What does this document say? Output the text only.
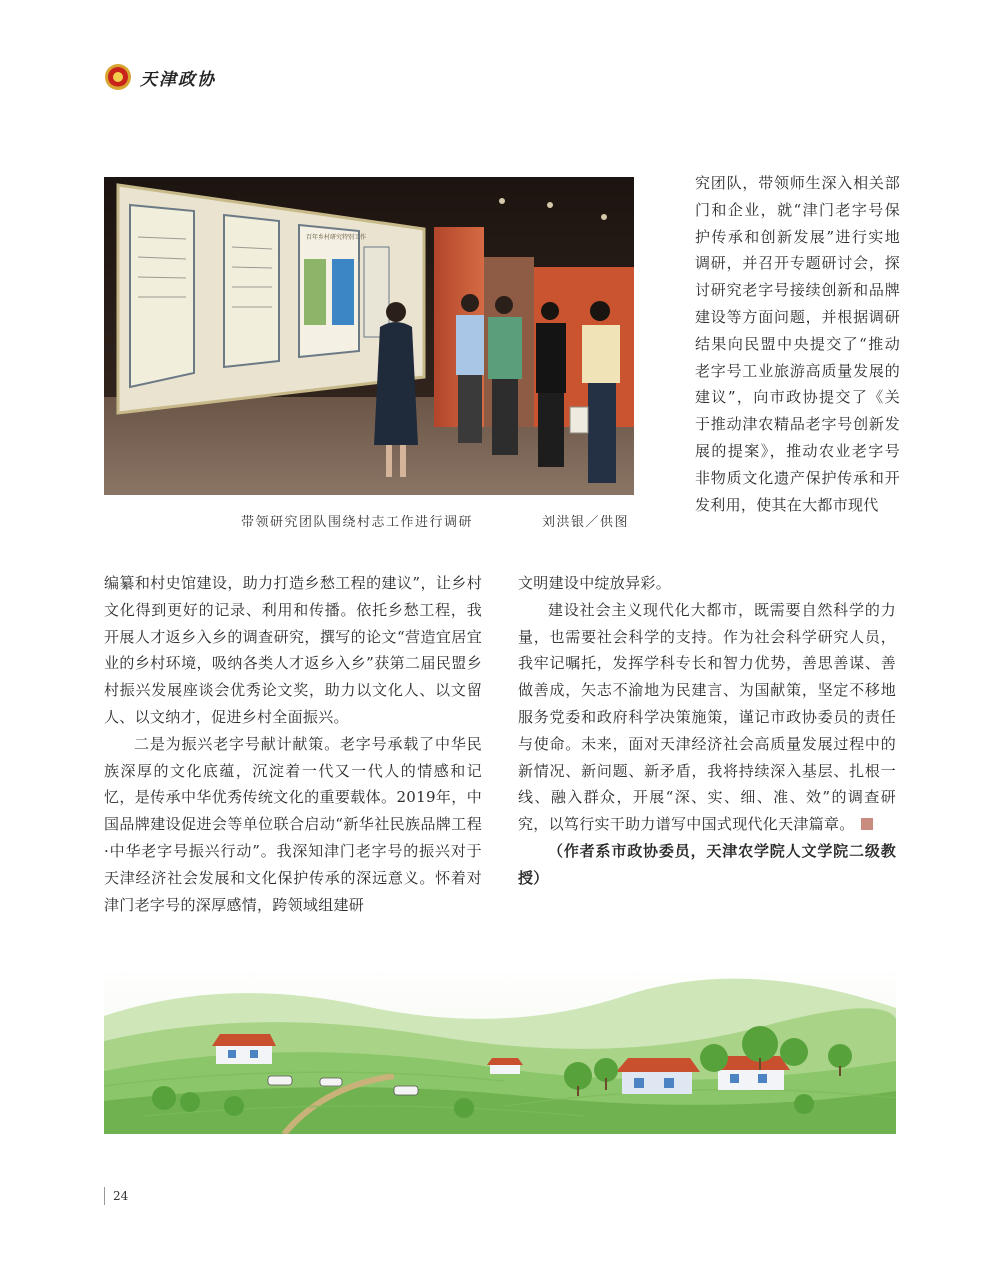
天津政协
百年乡村研究特别工作
带领研究团队围绕村志工作进行调研	刘洪银／供图
究团队，带领师生深入相关部门和企业，就“津门老字号保护传承和创新发展”进行实地调研，并召开专题研讨会，探讨研究老字号接续创新和品牌建设等方面问题，并根据调研结果向民盟中央提交了“推动老字号工业旅游高质量发展的建议”，向市政协提交了《关于推动津农精品老字号创新发展的提案》，推动农业老字号非物质文化遗产保护传承和开发利用，使其在大都市现代

编纂和村史馆建设，助力打造乡愁工程的建议”，让乡村文化得到更好的记录、利用和传播。依托乡愁工程，我开展人才返乡入乡的调查研究，撰写的论文“营造宜居宜业的乡村环境，吸纳各类人才返乡入乡”获第二届民盟乡村振兴发展座谈会优秀论文奖，助力以文化人、以文留人、以文纳才，促进乡村全面振兴。

二是为振兴老字号献计献策。老字号承载了中华民族深厚的文化底蕴，沉淀着一代又一代人的情感和记忆，是传承中华优秀传统文化的重要载体。2019年，中国品牌建设促进会等单位联合启动“新华社民族品牌工程·中华老字号振兴行动”。我深知津门老字号的振兴对于天津经济社会发展和文化保护传承的深远意义。怀着对津门老字号的深厚感情，跨领域组建研

文明建设中绽放异彩。

建设社会主义现代化大都市，既需要自然科学的力量，也需要社会科学的支持。作为社会科学研究人员，我牢记嘱托，发挥学科专长和智力优势，善思善谋、善做善成，矢志不渝地为民建言、为国献策，坚定不移地服务党委和政府科学决策施策，谨记市政协委员的责任与使命。未来，面对天津经济社会高质量发展过程中的新情况、新问题、新矛盾，我将持续深入基层、扎根一线、融入群众，开展“深、实、细、准、效”的调查研究，以笃行实干助力谱写中国式现代化天津篇章。

（作者系市政协委员，天津农学院人文学院二级教授）

24
